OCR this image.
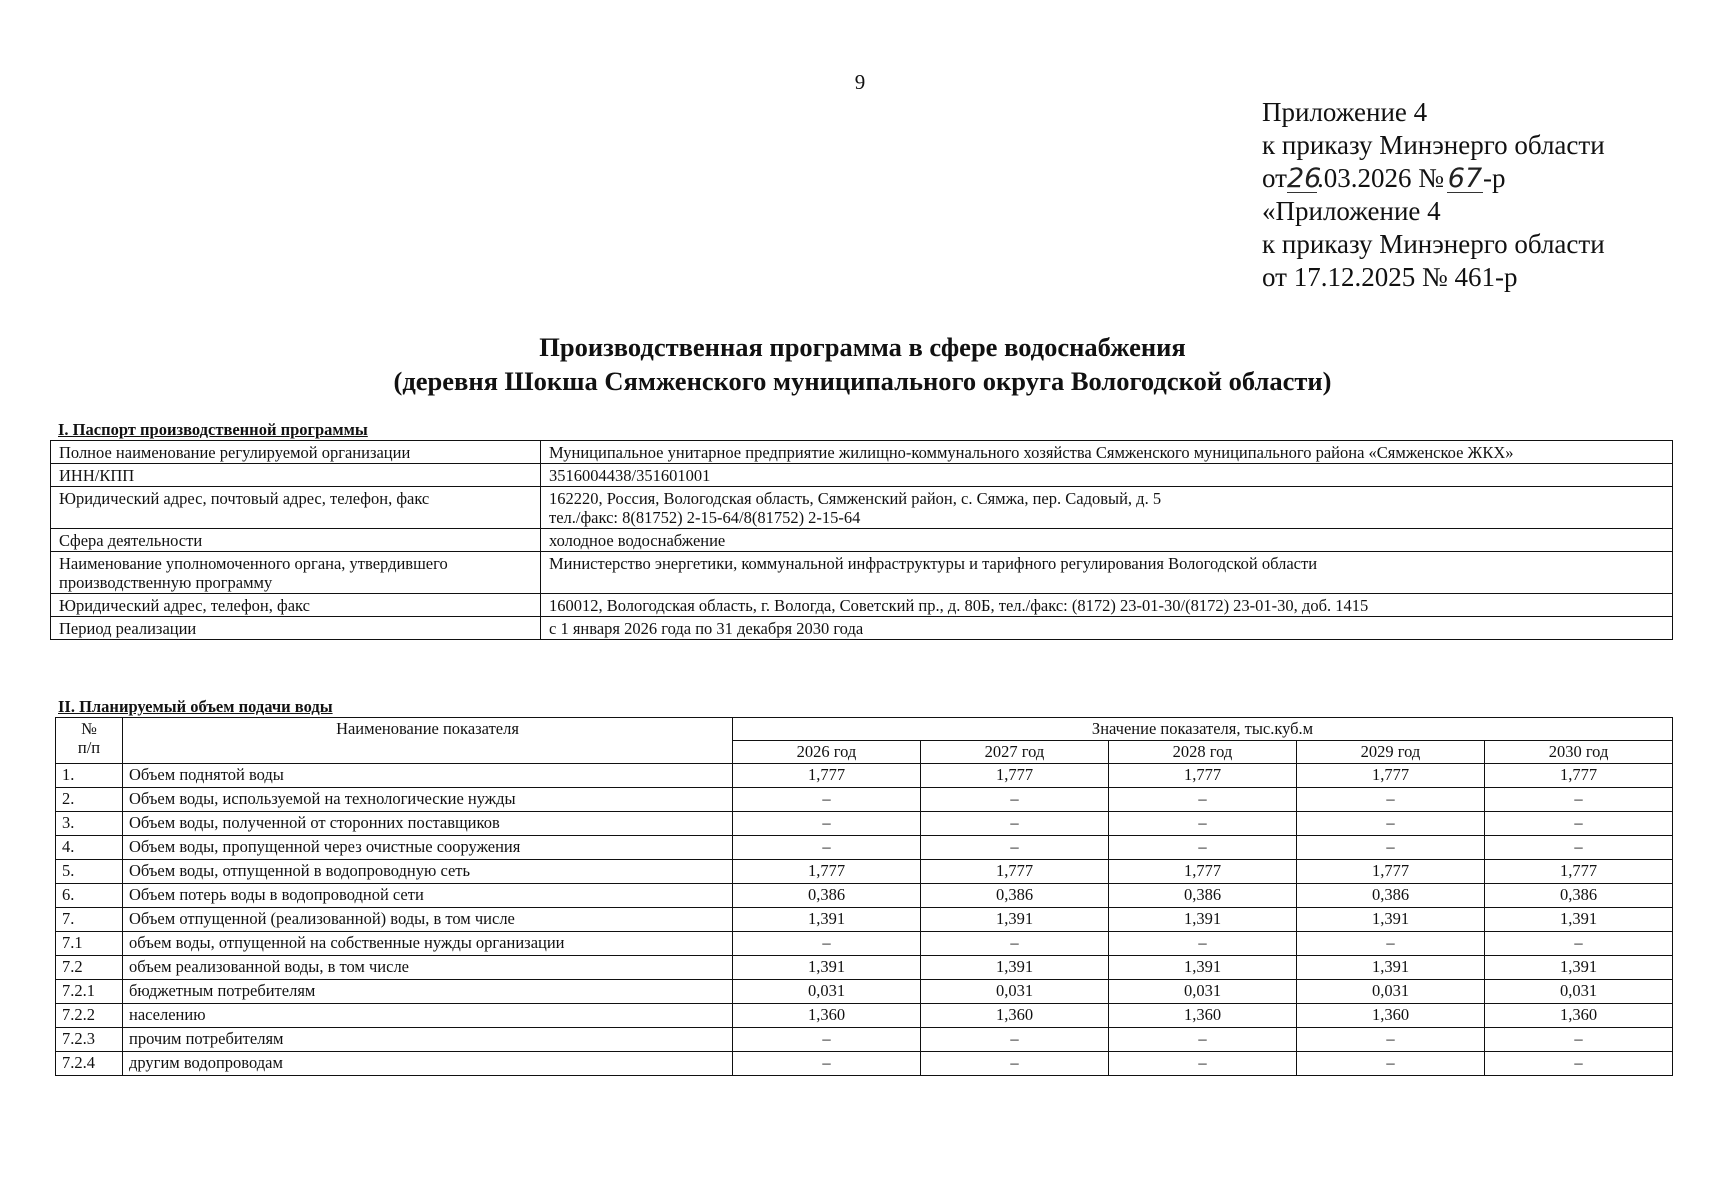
9
Приложение 4
к приказу Минэнерго области
от26.03.2026 № 67-р
«Приложение 4
к приказу Минэнерго области
от 17.12.2025 № 461-р
Производственная программа в сфере водоснабжения
(деревня Шокша Сямженского муниципального округа Вологодской области)
I. Паспорт производственной программы
Полное наименование регулируемой организации	Муниципальное унитарное предприятие жилищно-коммунального хозяйства Сямженского муниципального района «Сямженское ЖКХ»
ИНН/КПП	3516004438/351601001
Юридический адрес, почтовый адрес, телефон, факс	162220, Россия, Вологодская область, Сямженский район, с. Сямжа, пер. Садовый, д. 5
тел./факс: 8(81752) 2-15-64/8(81752) 2-15-64

Сфера деятельности	холодное водоснабжение
Наименование уполномоченного органа, утвердившего производственную программу	Министерство энергетики, коммунальной инфраструктуры и тарифного регулирования Вологодской области
Юридический адрес, телефон, факс	160012, Вологодская область, г. Вологда, Советский пр., д. 80Б, тел./факс: (8172) 23-01-30/(8172) 23-01-30, доб. 1415
Период реализации	с 1 января 2026 года по 31 декабря 2030 года
II. Планируемый объем подачи воды
№
п/п	Наименование показателя	Значение показателя, тыс.куб.м				
		2026 год	2027 год	2028 год	2029 год	2030 год
1.	Объем поднятой воды	1,777	1,777	1,777	1,777	1,777
2.	Объем воды, используемой на технологические нужды	–	–	–	–	–
3.	Объем воды, полученной от сторонних поставщиков	–	–	–	–	–
4.	Объем воды, пропущенной через очистные сооружения	–	–	–	–	–
5.	Объем воды, отпущенной в водопроводную сеть	1,777	1,777	1,777	1,777	1,777
6.	Объем потерь воды в водопроводной сети	0,386	0,386	0,386	0,386	0,386
7.	Объем отпущенной (реализованной) воды, в том числе	1,391	1,391	1,391	1,391	1,391
7.1	объем воды, отпущенной на собственные нужды организации	–	–	–	–	–
7.2	объем реализованной воды, в том числе	1,391	1,391	1,391	1,391	1,391
7.2.1	бюджетным потребителям	0,031	0,031	0,031	0,031	0,031
7.2.2	населению	1,360	1,360	1,360	1,360	1,360
7.2.3	прочим потребителям	–	–	–	–	–
7.2.4	другим водопроводам	–	–	–	–	–
